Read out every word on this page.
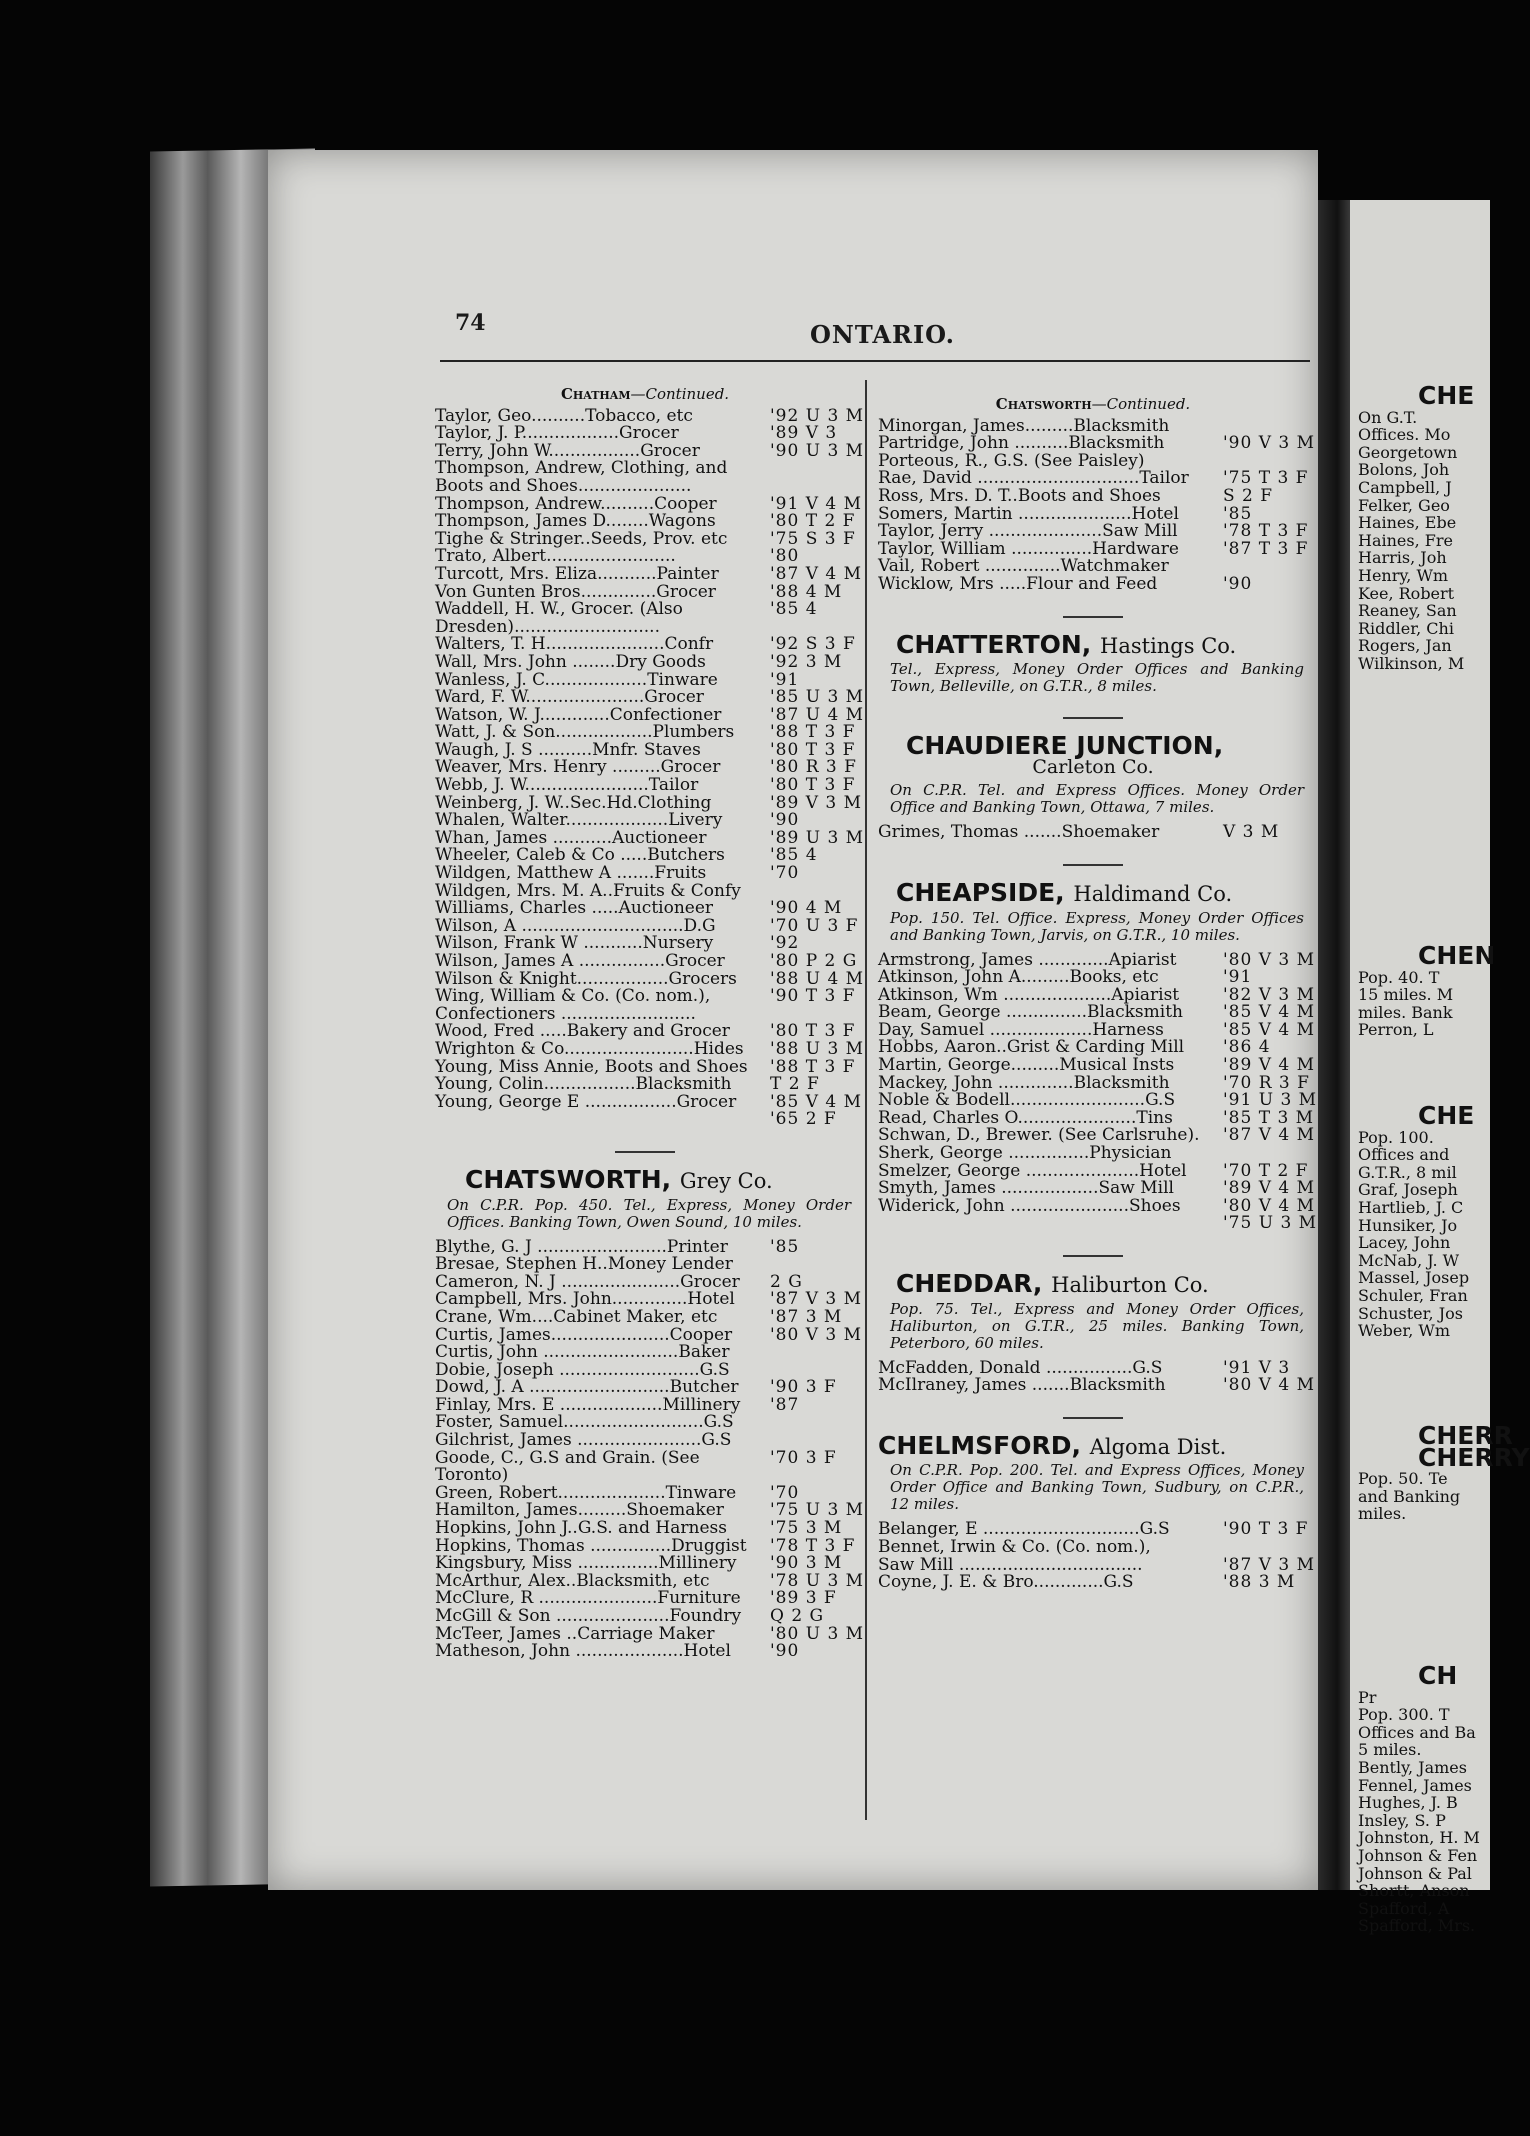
74	ONTARIO.
Chatham—Continued.
Taylor, Geo..........Tobacco, etc	'92 U 3 M
Taylor, J. P..................Grocer	'89 V 3
Terry, John W.................Grocer	'90 U 3 M
Thompson, Andrew, Clothing, and
Boots and Shoes.....................
Thompson, Andrew..........Cooper	'91 V 4 M
Thompson, James D........Wagons	'80 T 2 F
Tighe & Stringer..Seeds, Prov. etc	'75 S 3 F
Trato, Albert........................	'80
Turcott, Mrs. Eliza...........Painter	'87 V 4 M
Von Gunten Bros..............Grocer	'88 4 M
Waddell, H. W., Grocer. (Also	'85 4
Dresden)...........................
Walters, T. H......................Confr	'92 S 3 F
Wall, Mrs. John ........Dry Goods	'92 3 M
Wanless, J. C...................Tinware	'91
Ward, F. W......................Grocer	'85 U 3 M
Watson, W. J.............Confectioner	'87 U 4 M
Watt, J. & Son..................Plumbers	'88 T 3 F
Waugh, J. S ..........Mnfr. Staves	'80 T 3 F
Weaver, Mrs. Henry .........Grocer	'80 R 3 F
Webb, J. W.......................Tailor	'80 T 3 F
Weinberg, J. W..Sec.Hd.Clothing	'89 V 3 M
Whalen, Walter...................Livery	'90
Whan, James ...........Auctioneer	'89 U 3 M
Wheeler, Caleb & Co .....Butchers	'85 4
Wildgen, Matthew A .......Fruits	'70
Wildgen, Mrs. M. A..Fruits & Confy
Williams, Charles .....Auctioneer	'90 4 M
Wilson, A ..............................D.G	'70 U 3 F
Wilson, Frank W ...........Nursery	'92
Wilson, James A ................Grocer	'80 P 2 G
Wilson & Knight.................Grocers	'88 U 4 M
Wing, William & Co. (Co. nom.),	'90 T 3 F
Confectioners .........................
Wood, Fred .....Bakery and Grocer	'80 T 3 F
Wrighton & Co........................Hides	'88 U 3 M
Young, Miss Annie, Boots and Shoes	'88 T 3 F
Young, Colin.................Blacksmith	T 2 F
Young, George E .................Grocer	'85 V 4 M
'65 2 F
CHATSWORTH, Grey Co.
On C.P.R. Pop. 450. Tel., Express, Money Order Offices. Banking Town, Owen Sound, 10 miles.
Blythe, G. J ........................Printer	'85
Bresae, Stephen H..Money Lender
Cameron, N. J ......................Grocer	2 G
Campbell, Mrs. John..............Hotel	'87 V 3 M
Crane, Wm....Cabinet Maker, etc	'87 3 M
Curtis, James......................Cooper	'80 V 3 M
Curtis, John .........................Baker
Dobie, Joseph ..........................G.S
Dowd, J. A ..........................Butcher	'90 3 F
Finlay, Mrs. E ...................Millinery	'87
Foster, Samuel..........................G.S
Gilchrist, James .......................G.S
Goode, C., G.S and Grain. (See	'70 3 F
Toronto)
Green, Robert....................Tinware	'70
Hamilton, James.........Shoemaker	'75 U 3 M
Hopkins, John J..G.S. and Harness	'75 3 M
Hopkins, Thomas ...............Druggist	'78 T 3 F
Kingsbury, Miss ...............Millinery	'90 3 M
McArthur, Alex..Blacksmith, etc	'78 U 3 M
McClure, R ......................Furniture	'89 3 F
McGill & Son .....................Foundry	Q 2 G
McTeer, James ..Carriage Maker	'80 U 3 M
Matheson, John ....................Hotel	'90
Chatsworth—Continued.
Minorgan, James.........Blacksmith
Partridge, John ..........Blacksmith	'90 V 3 M
Porteous, R., G.S. (See Paisley)
Rae, David ..............................Tailor	'75 T 3 F
Ross, Mrs. D. T..Boots and Shoes	S 2 F
Somers, Martin .....................Hotel	'85
Taylor, Jerry .....................Saw Mill	'78 T 3 F
Taylor, William ...............Hardware	'87 T 3 F
Vail, Robert ..............Watchmaker
Wicklow, Mrs .....Flour and Feed	'90
CHATTERTON, Hastings Co.
Tel., Express, Money Order Offices and Banking Town, Belleville, on G.T.R., 8 miles.
CHAUDIERE JUNCTION,
Carleton Co.
On C.P.R. Tel. and Express Offices. Money Order Office and Banking Town, Ottawa, 7 miles.
Grimes, Thomas .......Shoemaker	V 3 M
CHEAPSIDE, Haldimand Co.
Pop. 150. Tel. Office. Express, Money Order Offices and Banking Town, Jarvis, on G.T.R., 10 miles.
Armstrong, James .............Apiarist	'80 V 3 M
Atkinson, John A.........Books, etc	'91
Atkinson, Wm ....................Apiarist	'82 V 3 M
Beam, George ...............Blacksmith	'85 V 4 M
Day, Samuel ...................Harness	'85 V 4 M
Hobbs, Aaron..Grist & Carding Mill	'86 4
Martin, George.........Musical Insts	'89 V 4 M
Mackey, John ..............Blacksmith	'70 R 3 F
Noble & Bodell.........................G.S	'91 U 3 M
Read, Charles O......................Tins	'85 T 3 M
Schwan, D., Brewer. (See Carlsruhe).	'87 V 4 M
Sherk, George ...............Physician
Smelzer, George .....................Hotel	'70 T 2 F
Smyth, James ..................Saw Mill	'89 V 4 M
Widerick, John ......................Shoes	'80 V 4 M
'75 U 3 M
CHEDDAR, Haliburton Co.
Pop. 75. Tel., Express and Money Order Offices, Haliburton, on G.T.R., 25 miles. Banking Town, Peterboro, 60 miles.
McFadden, Donald ................G.S	'91 V 3
McIlraney, James .......Blacksmith	'80 V 4 M
CHELMSFORD, Algoma Dist.
On C.P.R. Pop. 200. Tel. and Express Offices, Money Order Office and Banking Town, Sudbury, on C.P.R., 12 miles.
Belanger, E .............................G.S	'90 T 3 F
Bennet, Irwin & Co. (Co. nom.),
Saw Mill ..................................	'87 V 3 M
Coyne, J. E. & Bro.............G.S	'88 3 M
CHE
On G.T.
Offices. Mo
Georgetown
Bolons, Joh
Campbell, J
Felker, Geo
Haines, Ebe
Haines, Fre
Harris, Joh
Henry, Wm
Kee, Robert
Reaney, San
Riddler, Chi
Rogers, Jan
Wilkinson, M
CHEN
Pop. 40. T
15 miles. M
miles. Bank
Perron, L
CHE
Pop. 100.
Offices and
G.T.R., 8 mil
Graf, Joseph
Hartlieb, J. C
Hunsiker, Jo
Lacey, John
McNab, J. W
Massel, Josep
Schuler, Fran
Schuster, Jos
Weber, Wm
CHERR
CHERRY
Pop. 50. Te
and Banking
miles.
CH
Pr
Pop. 300. T
Offices and Ba
5 miles.
Bently, James
Fennel, James
Hughes, J. B
Insley, S. P
Johnston, H. M
Johnson & Fen
Johnson & Pal
Shortt, Anson
Spafford, A
Spafford, Mrs.
